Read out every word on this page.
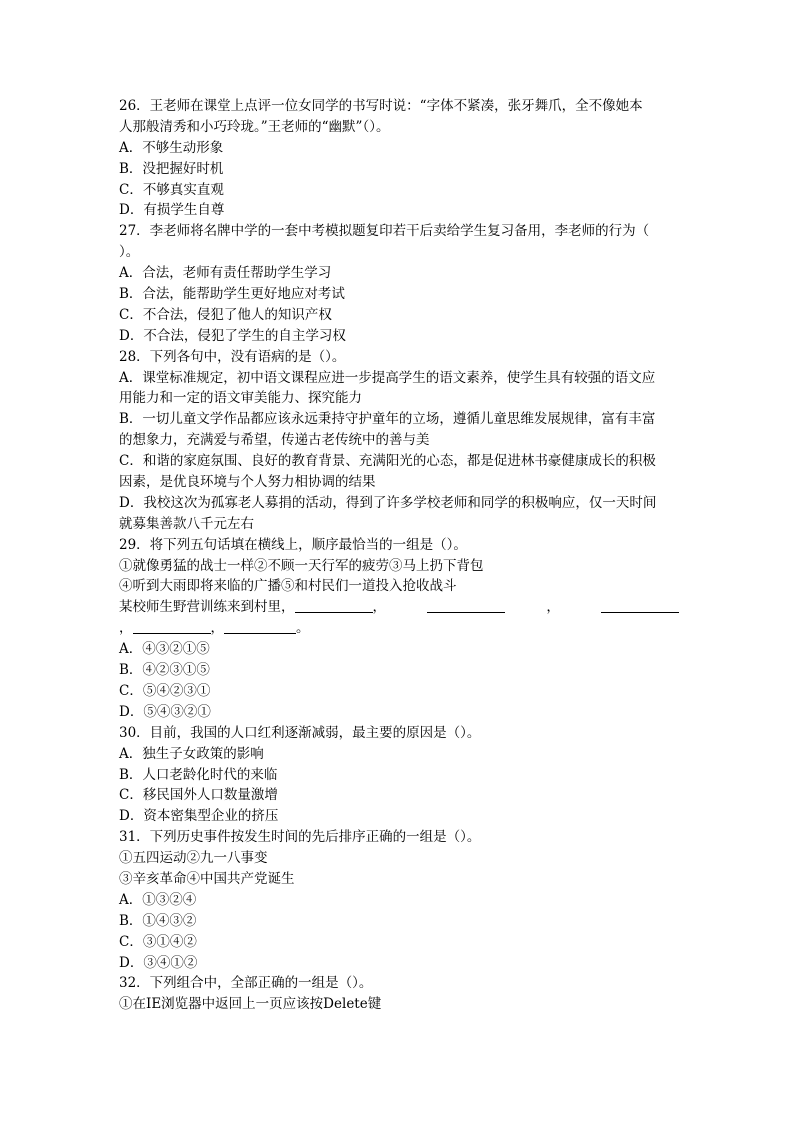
26．王老师在课堂上点评一位女同学的书写时说：“字体不紧凑，张牙舞爪，全不像她本
人那般清秀和小巧玲珑。”王老师的“幽默”（）。
A．不够生动形象
B．没把握好时机
C．不够真实直观
D．有损学生自尊
27．李老师将名牌中学的一套中考模拟题复印若干后卖给学生复习备用，李老师的行为（
）。
A．合法，老师有责任帮助学生学习
B．合法，能帮助学生更好地应对考试
C．不合法，侵犯了他人的知识产权
D．不合法，侵犯了学生的自主学习权
28．下列各句中，没有语病的是（）。
A．课堂标准规定，初中语文课程应进一步提高学生的语文素养，使学生具有较强的语文应
用能力和一定的语文审美能力、探究能力
B．一切儿童文学作品都应该永远秉持守护童年的立场，遵循儿童思维发展规律，富有丰富
的想象力，充满爱与希望，传递古老传统中的善与美
C．和谐的家庭氛围、良好的教育背景、充满阳光的心态，都是促进林书豪健康成长的积极
因素，是优良环境与个人努力相协调的结果
D．我校这次为孤寡老人募捐的活动，得到了许多学校老师和同学的积极响应，仅一天时间
就募集善款八千元左右
29．将下列五句话填在横线上，顺序最恰当的一组是（）。
①就像勇猛的战士一样②不顾一天行军的疲劳③马上扔下背包
④听到大雨即将来临的广播⑤和村民们一道投入抢收战斗
某校师生野营训练来到村里，	，	，
，	，	。
A．④③②①⑤
B．④②③①⑤
C．⑤④②③①
D．⑤④③②①
30．目前，我国的人口红利逐渐减弱，最主要的原因是（）。
A．独生子女政策的影响
B．人口老龄化时代的来临
C．移民国外人口数量激增
D．资本密集型企业的挤压
31．下列历史事件按发生时间的先后排序正确的一组是（）。
①五四运动②九一八事变
③辛亥革命④中国共产党诞生
A．①③②④
B．①④③②
C．③①④②
D．③④①②
32．下列组合中，全部正确的一组是（）。
①在IE浏览器中返回上一页应该按Delete键
